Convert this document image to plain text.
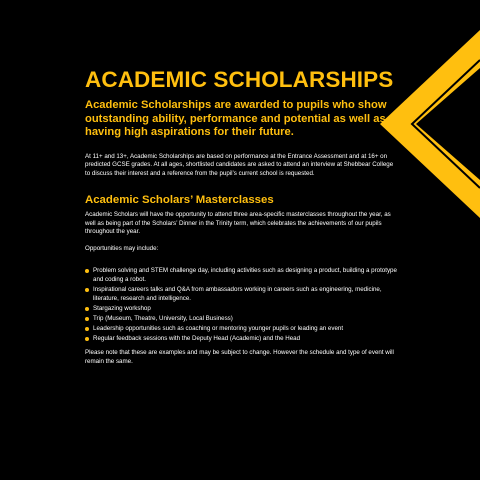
ACADEMIC SCHOLARSHIPS

Academic Scholarships are awarded to pupils who show outstanding ability, performance and potential as well as having high aspirations for their future.

At 11+ and 13+, Academic Scholarships are based on performance at the Entrance Assessment and at 16+ on predicted GCSE grades. At all ages, shortlisted candidates are asked to attend an interview at Shebbear College to discuss their interest and a reference from the pupil’s current school is requested.

Academic Scholars’ Masterclasses

Academic Scholars will have the opportunity to attend three area-specific masterclasses throughout the year, as well as being part of the Scholars’ Dinner in the Trinity term, which celebrates the achievements of our pupils throughout the year.

Opportunities may include:

Problem solving and STEM challenge day, including activities such as designing a product, building a prototype and coding a robot.
Inspirational careers talks and Q&A from ambassadors working in careers such as engineering, medicine, literature, research and intelligence.
Stargazing workshop
Trip (Museum, Theatre, University, Local Business)
Leadership opportunities such as coaching or mentoring younger pupils or leading an event
Regular feedback sessions with the Deputy Head (Academic) and the Head

Please note that these are examples and may be subject to change. However the schedule and type of event will remain the same.
